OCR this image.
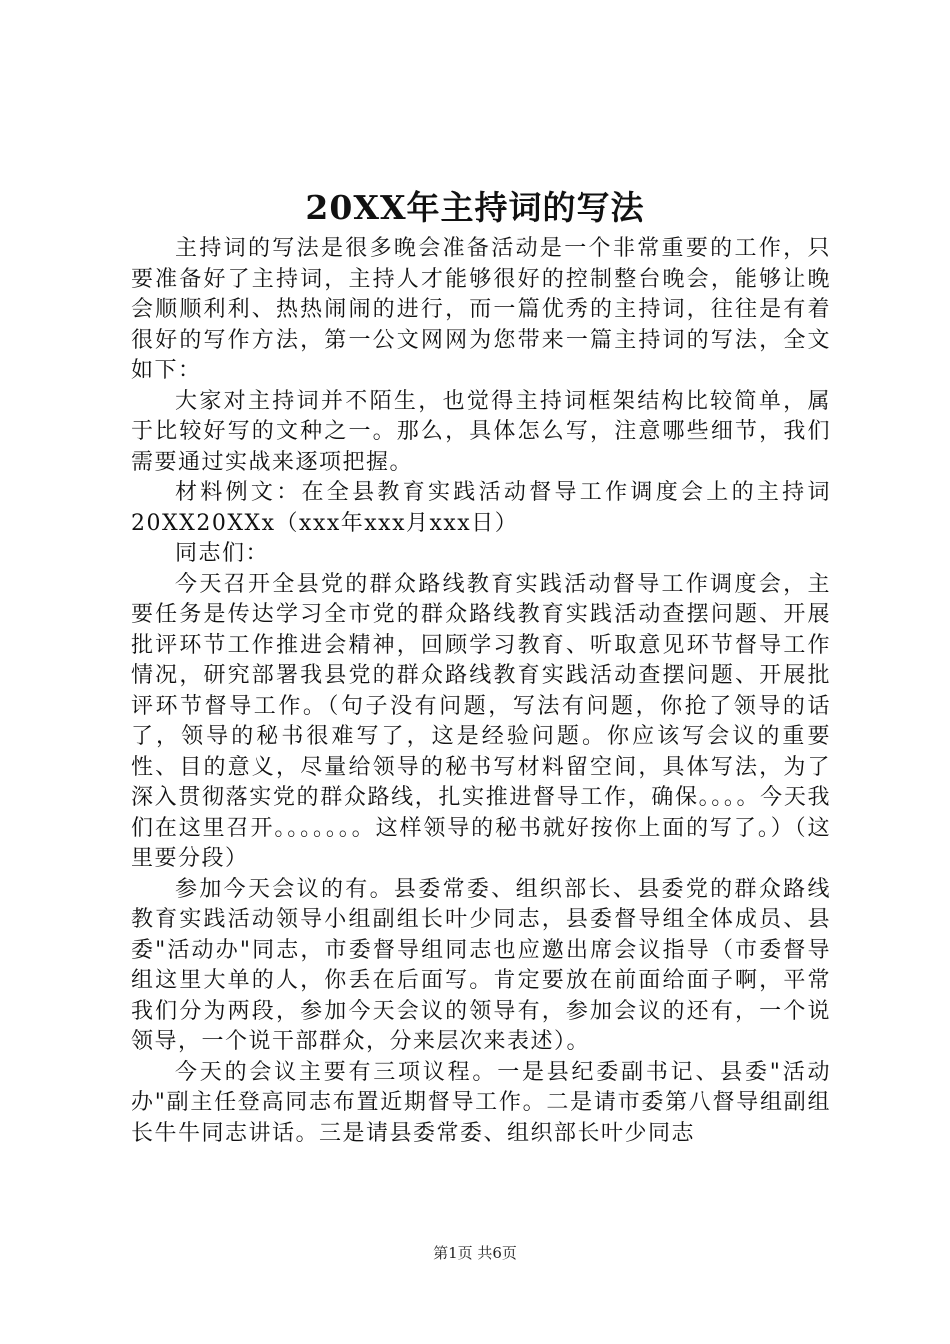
20XX年主持词的写法

主持词的写法是很多晚会准备活动是一个非常重要的工作，只要准备好了主持词，主持人才能够很好的控制整台晚会，能够让晚会顺顺利利、热热闹闹的进行，而一篇优秀的主持词，往往是有着很好的写作方法，第一公文网网为您带来一篇主持词的写法，全文如下：

大家对主持词并不陌生，也觉得主持词框架结构比较简单，属于比较好写的文种之一。那么，具体怎么写，注意哪些细节，我们需要通过实战来逐项把握。

材料例文：在全县教育实践活动督导工作调度会上的主持词20XX20XXx（xxx年xxx月xxx日）

同志们：

今天召开全县党的群众路线教育实践活动督导工作调度会，主要任务是传达学习全市党的群众路线教育实践活动查摆问题、开展批评环节工作推进会精神，回顾学习教育、听取意见环节督导工作情况，研究部署我县党的群众路线教育实践活动查摆问题、开展批评环节督导工作。（句子没有问题，写法有问题，你抢了领导的话了，领导的秘书很难写了，这是经验问题。你应该写会议的重要性、目的意义，尽量给领导的秘书写材料留空间，具体写法，为了深入贯彻落实党的群众路线，扎实推进督导工作，确保。。。。今天我们在这里召开。。。。。。。这样领导的秘书就好按你上面的写了。）（这里要分段）

参加今天会议的有。县委常委、组织部长、县委党的群众路线教育实践活动领导小组副组长叶少同志，县委督导组全体成员、县委"活动办"同志，市委督导组同志也应邀出席会议指导（市委督导组这里大单的人，你丢在后面写。肯定要放在前面给面子啊，平常我们分为两段，参加今天会议的领导有，参加会议的还有，一个说领导，一个说干部群众，分来层次来表述）。

今天的会议主要有三项议程。一是县纪委副书记、县委"活动办"副主任登高同志布置近期督导工作。二是请市委第八督导组副组长牛牛同志讲话。三是请县委常委、组织部长叶少同志

第1页 共6页
